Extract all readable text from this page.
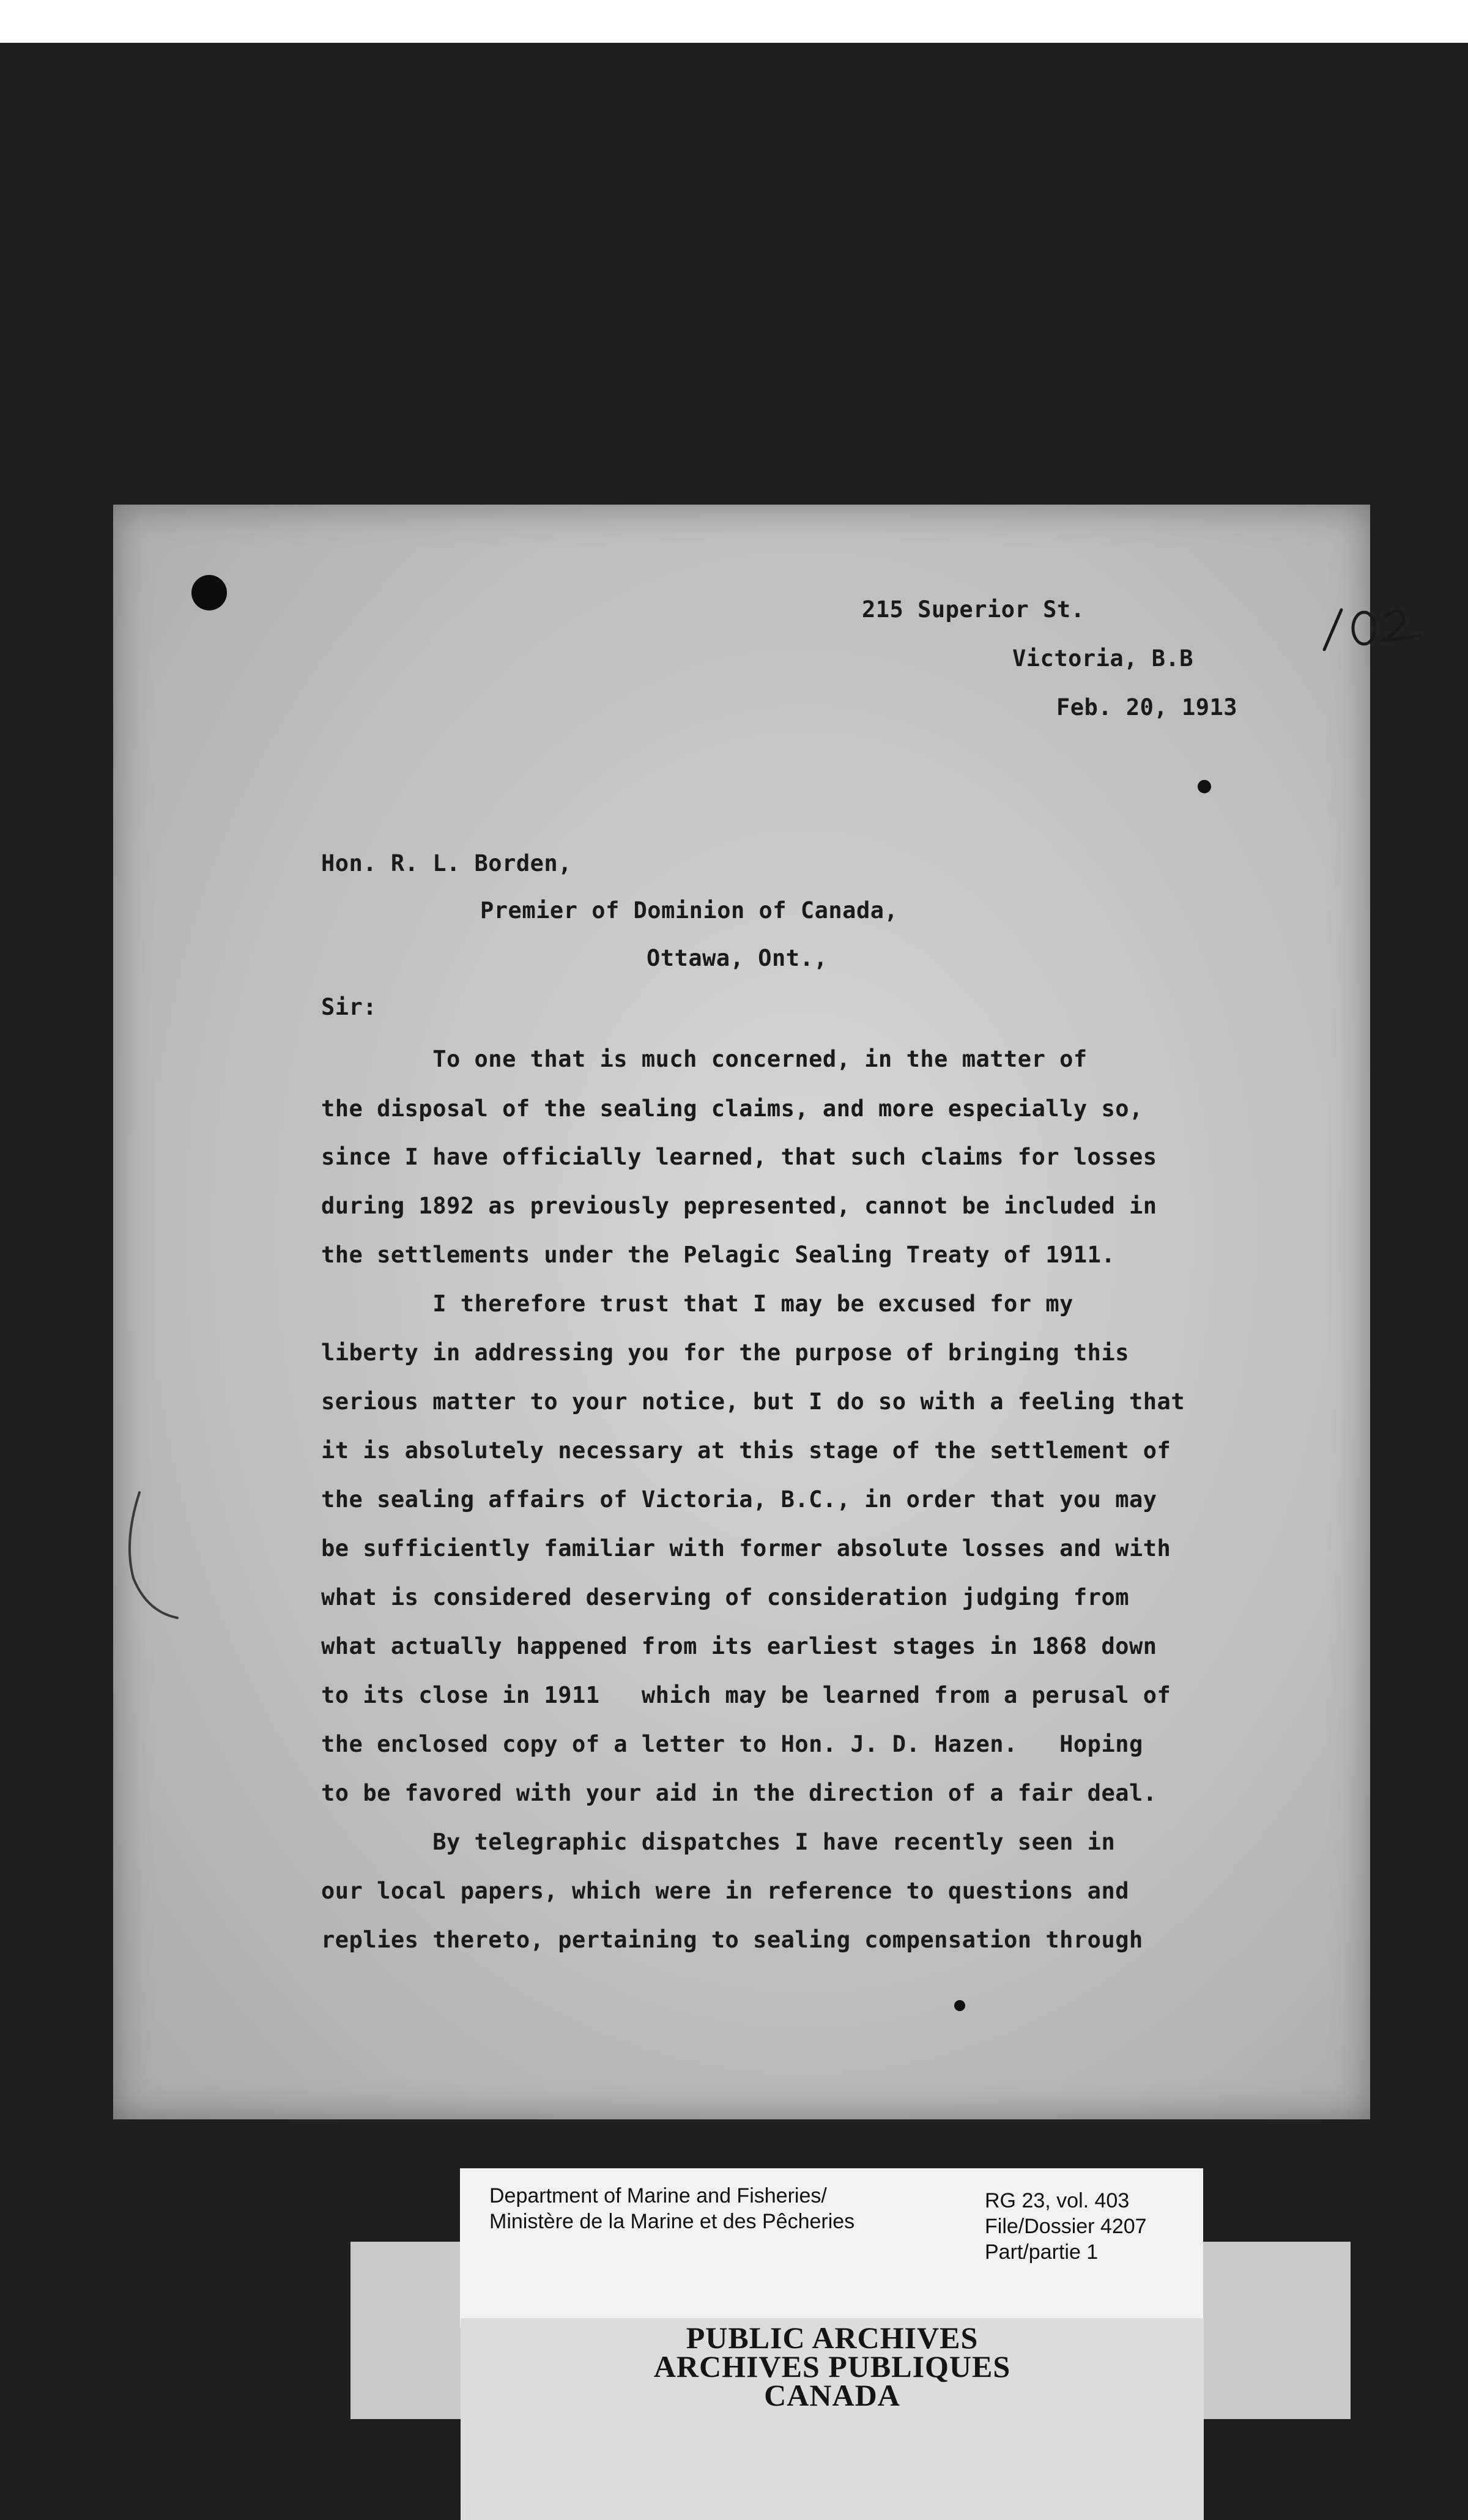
215 Superior St.
Victoria, B.B
Feb. 20, 1913
Hon. R. L. Borden,
Premier of Dominion of Canada,
Ottawa, Ont.,
Sir:
To one that is much concerned, in the matter of
the disposal of the sealing claims, and more especially so,
since I have officially learned, that such claims for losses
during 1892 as previously pepresented, cannot be included in
the settlements under the Pelagic Sealing Treaty of 1911.
I therefore trust that I may be excused for my
liberty in addressing you for the purpose of bringing this
serious matter to your notice, but I do so with a feeling that
it is absolutely necessary at this stage of the settlement of
the sealing affairs of Victoria, B.C., in order that you may
be sufficiently familiar with former absolute losses and with
what is considered deserving of consideration judging from
what actually happened from its earliest stages in 1868 down
to its close in 1911   which may be learned from a perusal of
the enclosed copy of a letter to Hon. J. D. Hazen.   Hoping
to be favored with your aid in the direction of a fair deal.
By telegraphic dispatches I have recently seen in
our local papers, which were in reference to questions and
replies thereto, pertaining to sealing compensation through
Department of Marine and Fisheries/
Ministère de la Marine et des Pêcheries
RG 23, vol. 403
File/Dossier 4207
Part/partie 1
PUBLIC ARCHIVES
ARCHIVES PUBLIQUES
CANADA
